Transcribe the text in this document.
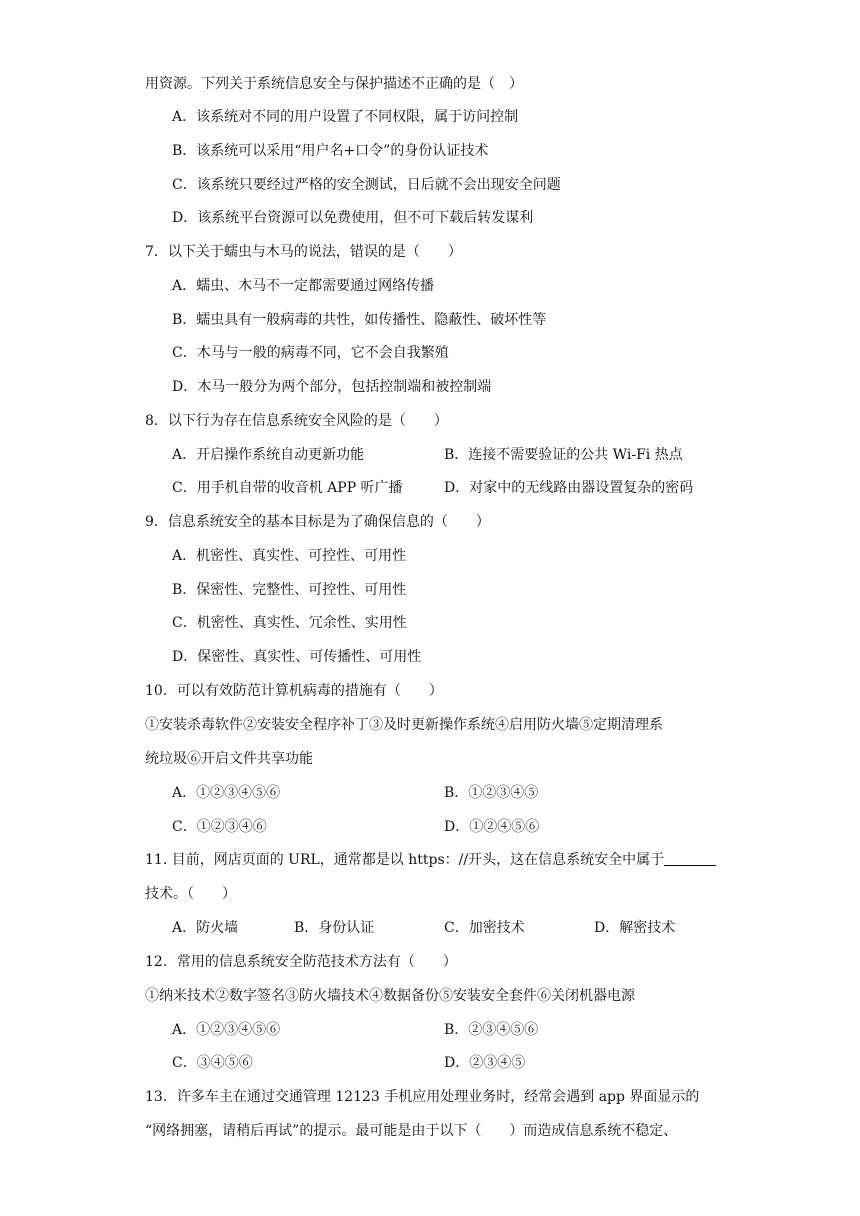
用资源。下列关于系统信息安全与保护描述不正确的是（　）
A．该系统对不同的用户设置了不同权限，属于访问控制
B．该系统可以采用“用户名+口令”的身份认证技术
C．该系统只要经过严格的安全测试，日后就不会出现安全问题
D．该系统平台资源可以免费使用，但不可下载后转发谋利
7．以下关于蠕虫与木马的说法，错误的是（　　）
A．蠕虫、木马不一定都需要通过网络传播
B．蠕虫具有一般病毒的共性，如传播性、隐蔽性、破坏性等
C．木马与一般的病毒不同，它不会自我繁殖
D．木马一般分为两个部分，包括控制端和被控制端
8．以下行为存在信息系统安全风险的是（　　）
A．开启操作系统自动更新功能	B．连接不需要验证的公共 Wi-Fi 热点
C．用手机自带的收音机 APP 听广播	D．对家中的无线路由器设置复杂的密码
9．信息系统安全的基本目标是为了确保信息的（　　）
A．机密性、真实性、可控性、可用性
B．保密性、完整性、可控性、可用性
C．机密性、真实性、冗余性、实用性
D．保密性、真实性、可传播性、可用性
10．可以有效防范计算机病毒的措施有（　　）
①安装杀毒软件②安装安全程序补丁③及时更新操作系统④启用防火墙⑤定期清理系
统垃圾⑥开启文件共享功能
A．①②③④⑤⑥	B．①②③④⑤
C．①②③④⑥	D．①②④⑤⑥
11. 目前，网店页面的 URL，通常都是以 https：//开头，这在信息系统安全中属于
技术。（　　）
A．防火墙	B．身份认证	C．加密技术	D．解密技术
12．常用的信息系统安全防范技术方法有（　　）
①纳米技术②数字签名③防火墙技术④数据备份⑤安装安全套件⑥关闭机器电源
A．①②③④⑤⑥	B．②③④⑤⑥
C．③④⑤⑥	D．②③④⑤
13．许多车主在通过交通管理 12123 手机应用处理业务时，经常会遇到 app 界面显示的
“网络拥塞，请稍后再试”的提示。最可能是由于以下（　　）而造成信息系统不稳定、
